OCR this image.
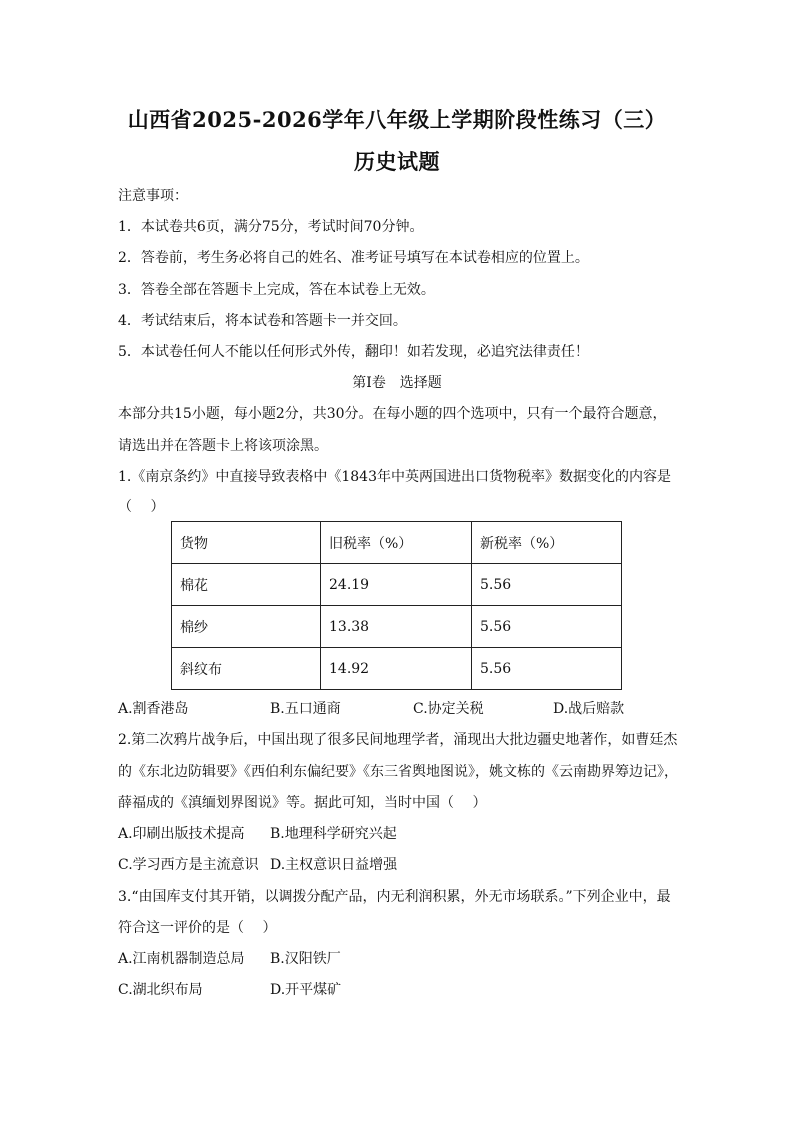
山西省2025-2026学年八年级上学期阶段性练习（三）
历史试题
注意事项：
1．本试卷共6页，满分75分，考试时间70分钟。
2．答卷前，考生务必将自己的姓名、准考证号填写在本试卷相应的位置上。
3．答卷全部在答题卡上完成，答在本试卷上无效。
4．考试结束后，将本试卷和答题卡一并交回。
5．本试卷任何人不能以任何形式外传，翻印！如若发现，必追究法律责任！
第Ⅰ卷　选择题
本部分共15小题，每小题2分，共30分。在每小题的四个选项中，只有一个最符合题意，
请选出并在答题卡上将该项涂黑。
1.《南京条约》中直接导致表格中《1843年中英两国进出口货物税率》数据变化的内容是
（　 ）
货物	旧税率（%）	新税率（%）
棉花	24.19	5.56
棉纱	13.38	5.56
斜纹布	14.92	5.56
A.割香港岛	B.五口通商	C.协定关税	D.战后赔款
2.第二次鸦片战争后，中国出现了很多民间地理学者，涌现出大批边疆史地著作，如曹廷杰
的《东北边防辑要》《西伯利东偏纪要》《东三省舆地图说》，姚文栋的《云南勘界筹边记》，
薛福成的《滇缅划界图说》等。据此可知，当时中国（　 ）
A.印刷出版技术提高 B.地理科学研究兴起
C.学习西方是主流意识 D.主权意识日益增强
3.“由国库支付其开销，以调拨分配产品，内无利润积累，外无市场联系。”下列企业中，最
符合这一评价的是（　 ）
A.江南机器制造总局 B.汉阳铁厂
C.湖北织布局	D.开平煤矿
